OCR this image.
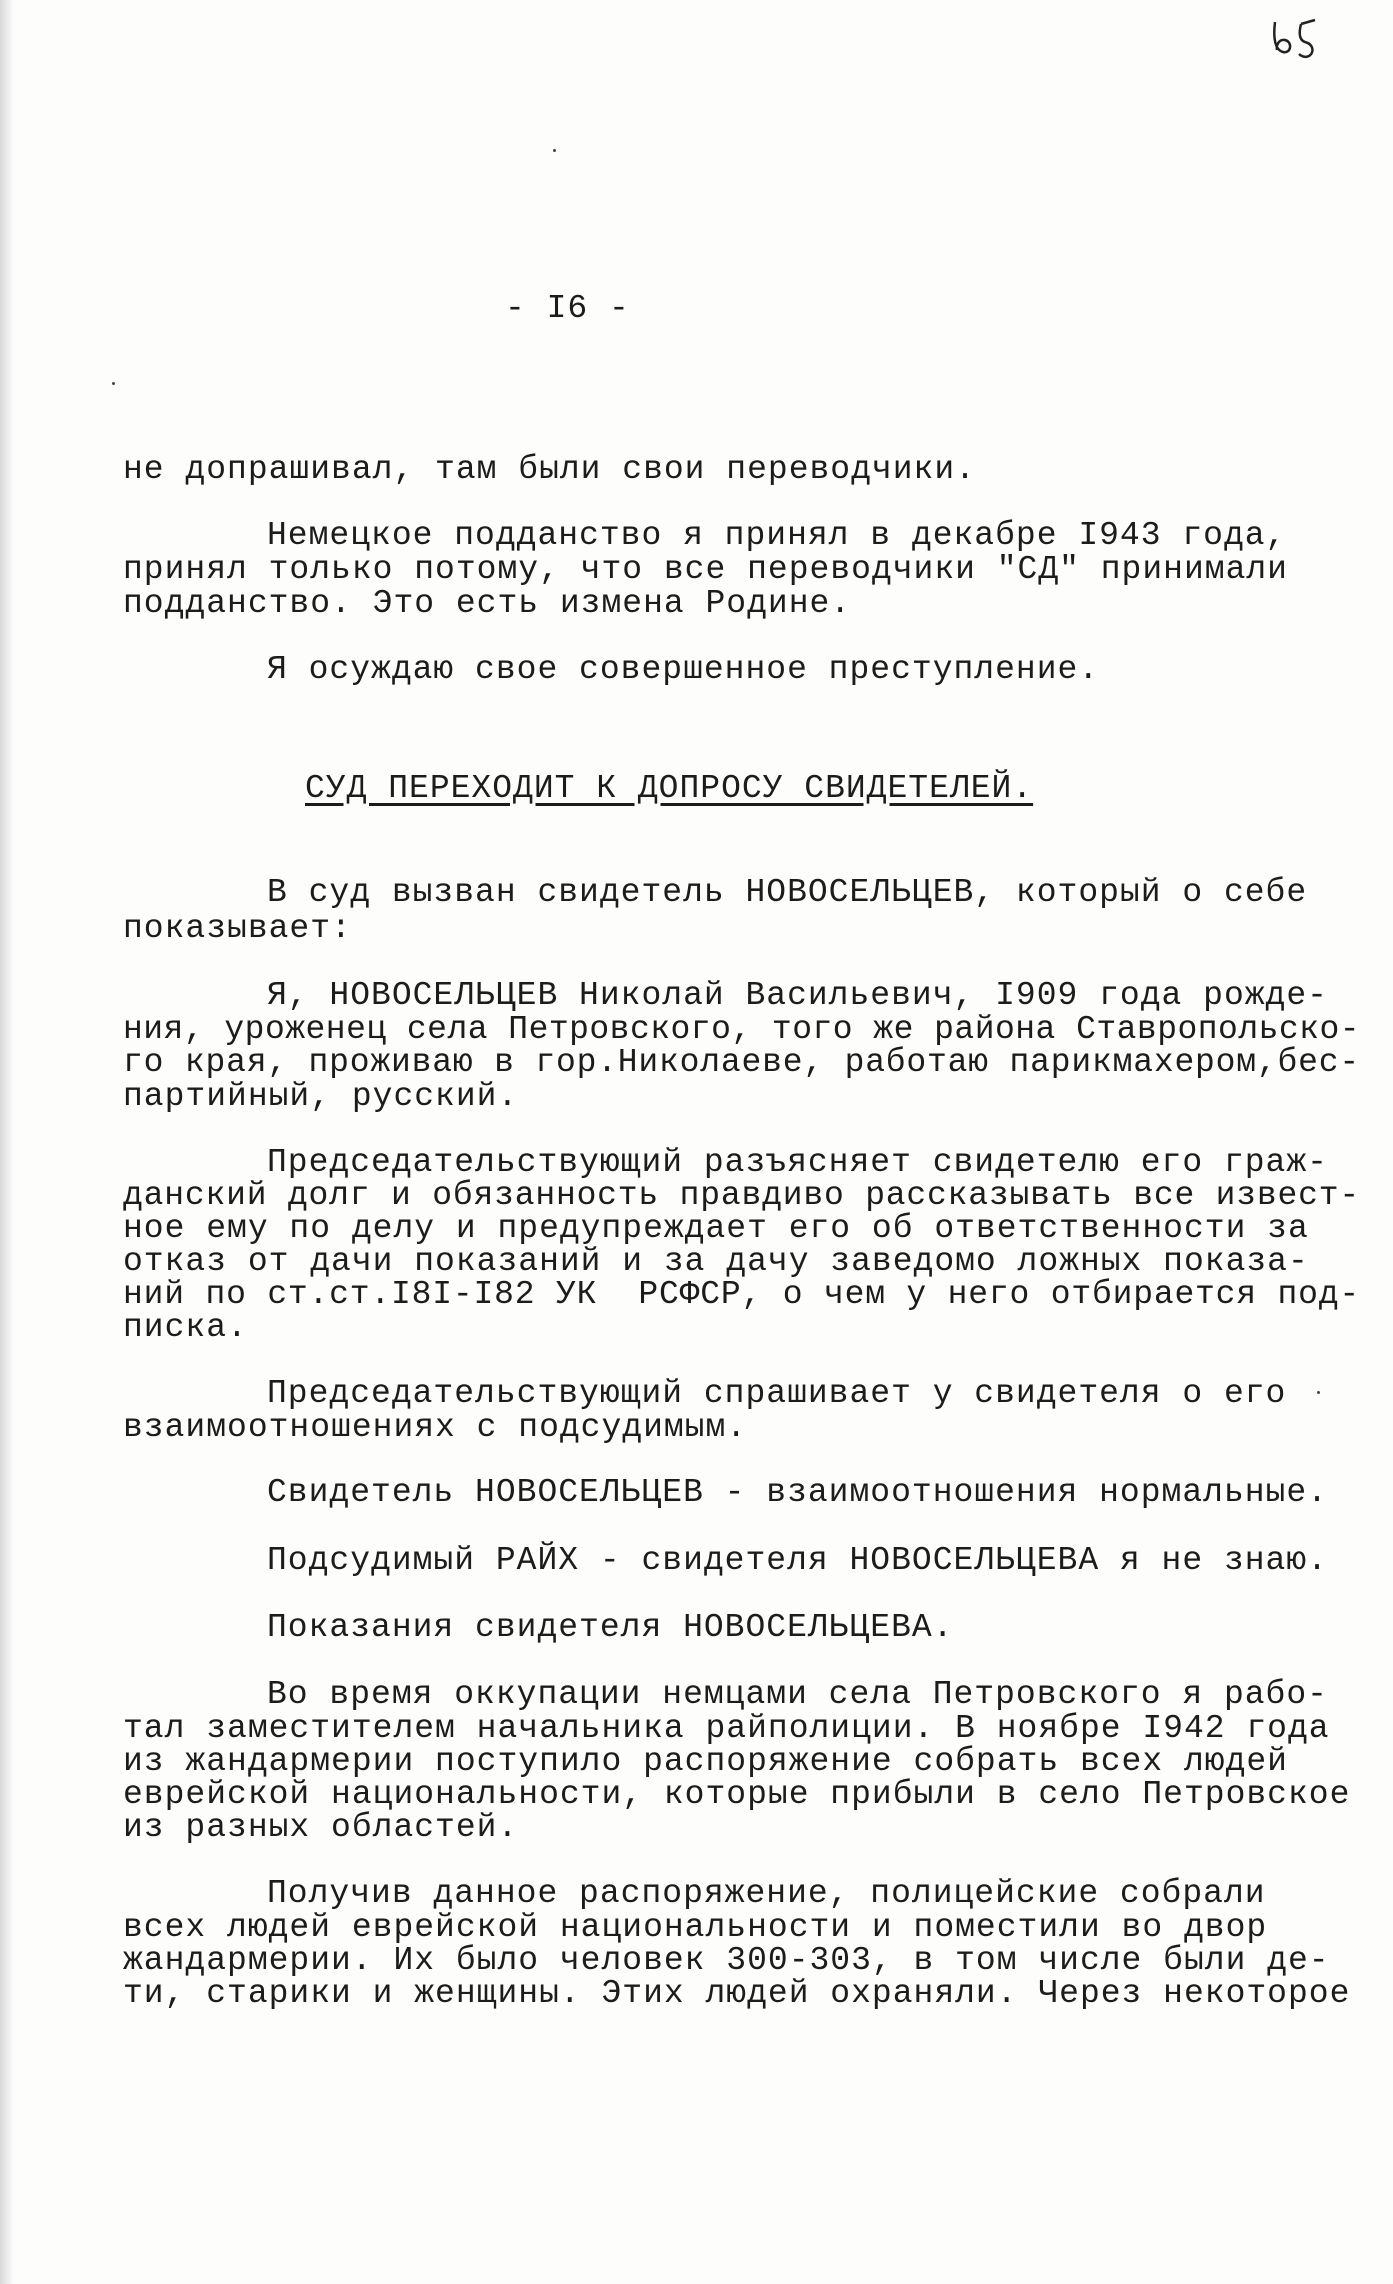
- I6 -
не допрашивал, там были свои переводчики.
Немецкое подданство я принял в декабре I943 года,
принял только потому, что все переводчики "СД" принимали
подданство. Это есть измена Родине.
Я осуждаю свое совершенное преступление.
СУД ПЕРЕХОДИТ К ДОПРОСУ СВИДЕТЕЛЕЙ.
В суд вызван свидетель НОВОСЕЛЬЦЕВ, который о себе
показывает:
Я, НОВОСЕЛЬЦЕВ Николай Васильевич, I909 года рожде-
ния, уроженец села Петровского, того же района Ставропольско-
го края, проживаю в гор.Николаеве, работаю парикмахером,бес-
партийный, русский.
Председательствующий разъясняет свидетелю его граж-
данский долг и обязанность правдиво рассказывать все извест-
ное ему по делу и предупреждает его об ответственности за
отказ от дачи показаний и за дачу заведомо ложных показа-
ний по ст.ст.I8I-I82 УК  РСФСР, о чем у него отбирается под-
писка.
Председательствующий спрашивает у свидетеля о его
взаимоотношениях с подсудимым.
Свидетель НОВОСЕЛЬЦЕВ - взаимоотношения нормальные.
Подсудимый РАЙХ - свидетеля НОВОСЕЛЬЦЕВА я не знаю.
Показания свидетеля НОВОСЕЛЬЦЕВА.
Во время оккупации немцами села Петровского я рабо-
тал заместителем начальника райполиции. В ноябре I942 года
из жандармерии поступило распоряжение собрать всех людей
еврейской национальности, которые прибыли в село Петровское
из разных областей.
Получив данное распоряжение, полицейские собрали
всех людей еврейской национальности и поместили во двор
жандармерии. Их было человек 300-303, в том числе были де-
ти, старики и женщины. Этих людей охраняли. Через некоторое
